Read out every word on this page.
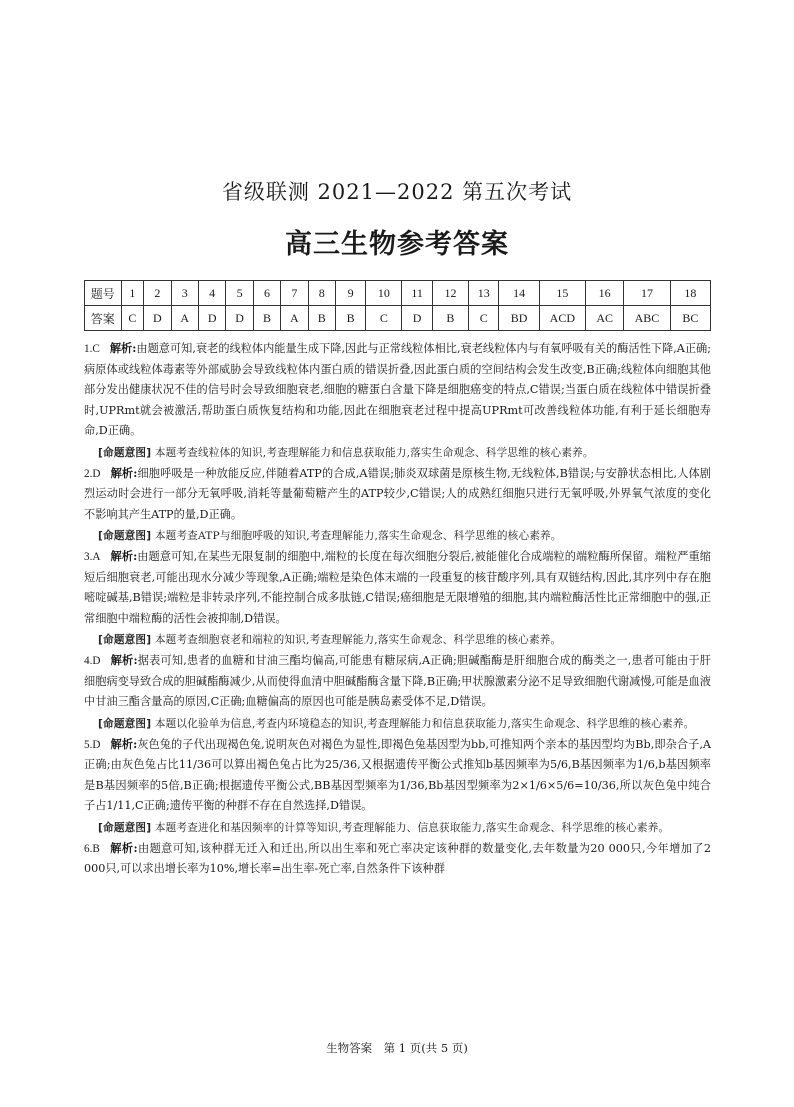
省级联测 2021—2022 第五次考试
高三生物参考答案
题号	1	2	3	4	5	6	7	8	9	10	11	12	13	14	15	16	17	18
答案	C	D	A	D	D	B	A	B	B	C	D	B	C	BD	ACD	AC	ABC	BC

1.C 解析:由题意可知,衰老的线粒体内能量生成下降,因此与正常线粒体相比,衰老线粒体内与有氧呼吸有关的酶活性下降,A正确;病原体或线粒体毒素等外部威胁会导致线粒体内蛋白质的错误折叠,因此蛋白质的空间结构会发生改变,B正确;线粒体向细胞其他部分发出健康状况不佳的信号时会导致细胞衰老,细胞的糖蛋白含量下降是细胞癌变的特点,C错误;当蛋白质在线粒体中错误折叠时,UPRmt就会被激活,帮助蛋白质恢复结构和功能,因此在细胞衰老过程中提高UPRmt可改善线粒体功能,有利于延长细胞寿命,D正确。

[命题意图] 本题考查线粒体的知识,考查理解能力和信息获取能力,落实生命观念、科学思维的核心素养。

2.D 解析:细胞呼吸是一种放能反应,伴随着ATP的合成,A错误;肺炎双球菌是原核生物,无线粒体,B错误;与安静状态相比,人体剧烈运动时会进行一部分无氧呼吸,消耗等量葡萄糖产生的ATP较少,C错误;人的成熟红细胞只进行无氧呼吸,外界氧气浓度的变化不影响其产生ATP的量,D正确。

[命题意图] 本题考查ATP与细胞呼吸的知识,考查理解能力,落实生命观念、科学思维的核心素养。

3.A 解析:由题意可知,在某些无限复制的细胞中,端粒的长度在每次细胞分裂后,被能催化合成端粒的端粒酶所保留。端粒严重缩短后细胞衰老,可能出现水分减少等现象,A正确;端粒是染色体末端的一段重复的核苷酸序列,具有双链结构,因此,其序列中存在胞嘧啶碱基,B错误;端粒是非转录序列,不能控制合成多肽链,C错误;癌细胞是无限增殖的细胞,其内端粒酶活性比正常细胞中的强,正常细胞中端粒酶的活性会被抑制,D错误。

[命题意图] 本题考查细胞衰老和端粒的知识,考查理解能力,落实生命观念、科学思维的核心素养。

4.D 解析:据表可知,患者的血糖和甘油三酯均偏高,可能患有糖尿病,A正确;胆碱酯酶是肝细胞合成的酶类之一,患者可能由于肝细胞病变导致合成的胆碱酯酶减少,从而使得血清中胆碱酯酶含量下降,B正确;甲状腺激素分泌不足导致细胞代谢减慢,可能是血液中甘油三酯含量高的原因,C正确;血糖偏高的原因也可能是胰岛素受体不足,D错误。

[命题意图] 本题以化验单为信息,考查内环境稳态的知识,考查理解能力和信息获取能力,落实生命观念、科学思维的核心素养。

5.D 解析:灰色兔的子代出现褐色兔,说明灰色对褐色为显性,即褐色兔基因型为bb,可推知两个亲本的基因型均为Bb,即杂合子,A正确;由灰色兔占比11/36可以算出褐色兔占比为25/36,又根据遗传平衡公式推知b基因频率为5/6,B基因频率为1/6,b基因频率是B基因频率的5倍,B正确;根据遗传平衡公式,BB基因型频率为1/36,Bb基因型频率为2×1/6×5/6=10/36,所以灰色兔中纯合子占1/11,C正确;遗传平衡的种群不存在自然选择,D错误。

[命题意图] 本题考查进化和基因频率的计算等知识,考查理解能力、信息获取能力,落实生命观念、科学思维的核心素养。

6.B 解析:由题意可知,该种群无迁入和迁出,所以出生率和死亡率决定该种群的数量变化,去年数量为20 000只,今年增加了2 000只,可以求出增长率为10%,增长率=出生率-死亡率,自然条件下该种群

生物答案　第 1 页(共 5 页)
